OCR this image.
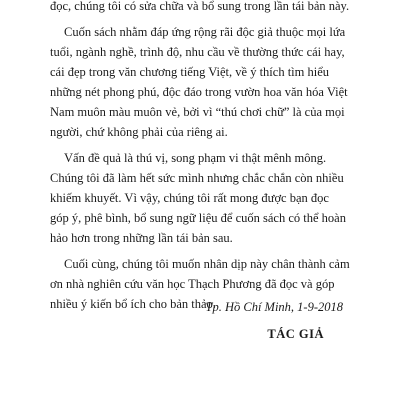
đọc, chúng tôi có sửa chữa và bổ sung trong lần tái bản này.

Cuốn sách nhằm đáp ứng rộng rãi độc giả thuộc mọi lứa tuổi, ngành nghề, trình độ, nhu cầu về thường thức cái hay, cái đẹp trong văn chương tiếng Việt, về ý thích tìm hiểu những nét phong phú, độc đáo trong vườn hoa văn hóa Việt Nam muôn màu muôn vẻ, bởi vì “thú chơi chữ” là của mọi người, chứ không phải của riêng ai.

Vấn đề quả là thú vị, song phạm vi thật mênh mông. Chúng tôi đã làm hết sức mình nhưng chắc chắn còn nhiều khiếm khuyết. Vì vậy, chúng tôi rất mong được bạn đọc góp ý, phê bình, bổ sung ngữ liệu để cuốn sách có thể hoàn hảo hơn trong những lần tái bản sau.

Cuối cùng, chúng tôi muốn nhân dịp này chân thành cảm ơn nhà nghiên cứu văn học Thạch Phương đã đọc và góp nhiều ý kiến bổ ích cho bản thảo.

Tp. Hồ Chí Minh, 1-9-2018
TÁC GIẢ
